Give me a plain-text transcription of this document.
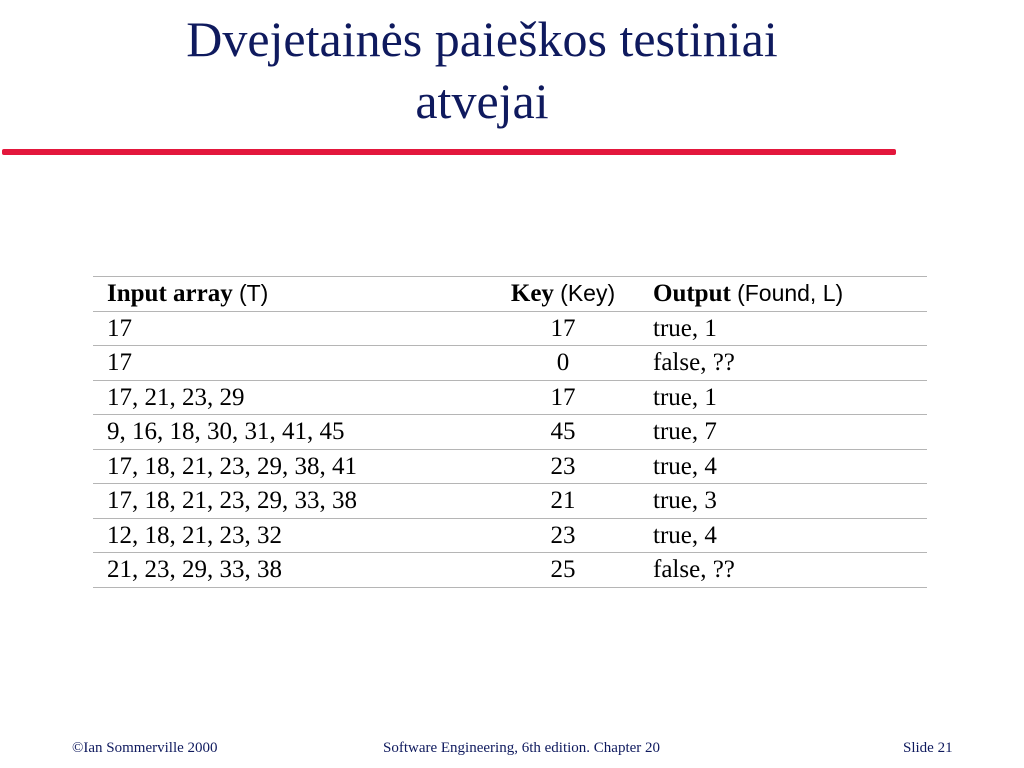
Dvejetainės paieškos testiniai
atvejai
Input array (T)	Key (Key)	Output (Found, L)
17	17	true, 1
17	0	false, ??
17, 21, 23, 29	17	true, 1
9, 16, 18, 30, 31, 41, 45	45	true, 7
17, 18, 21, 23, 29, 38, 41	23	true, 4
17, 18, 21, 23, 29, 33, 38	21	true, 3
12, 18, 21, 23, 32	23	true, 4
21, 23, 29, 33, 38	25	false, ??
©Ian Sommerville 2000	Software Engineering, 6th edition. Chapter 20	Slide 21
